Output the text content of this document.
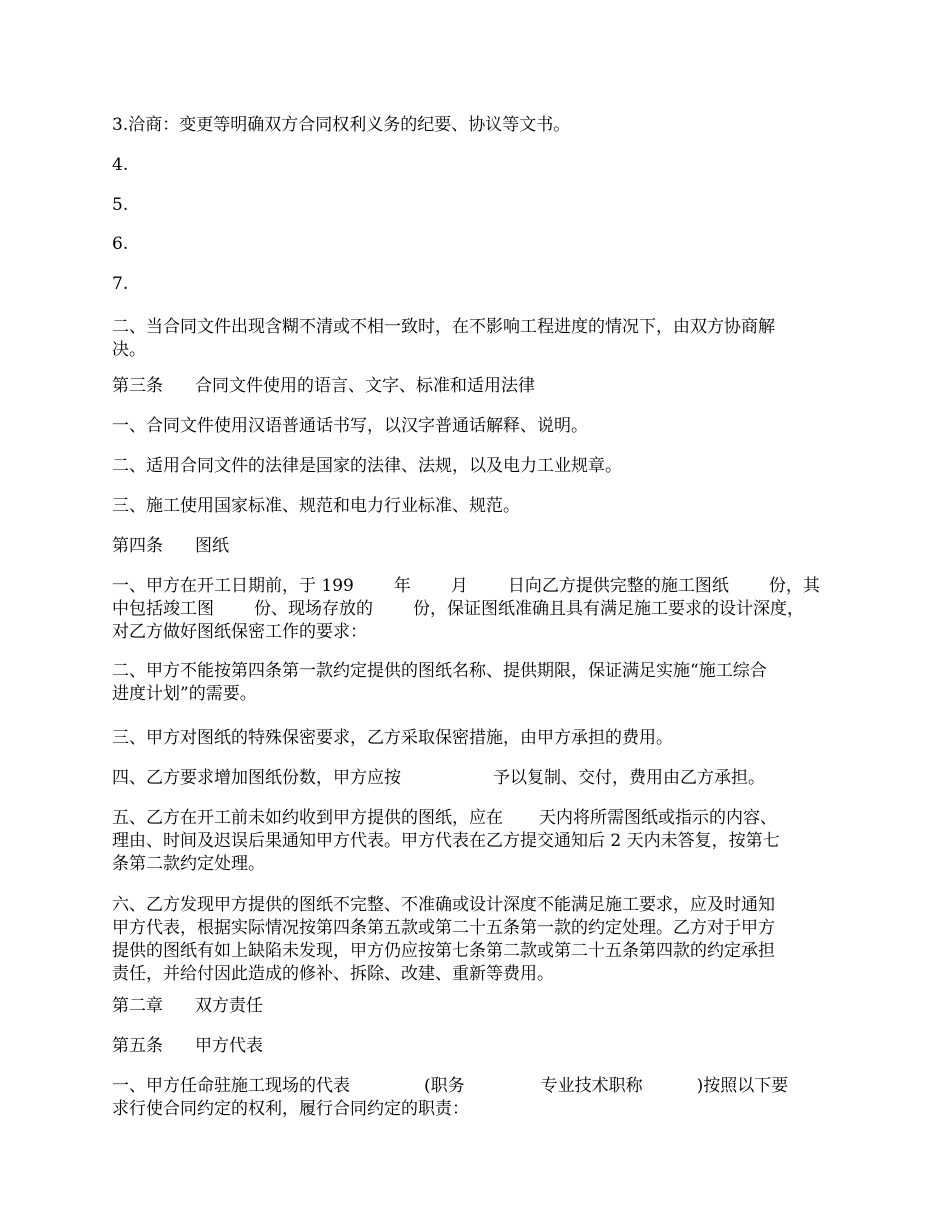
3.洽商：变更等明确双方合同权利义务的纪要、协议等文书。

4.

5.

6.

7.

二、当合同文件出现含糊不清或不相一致时，在不影响工程进度的情况下，由双方协商解
决。

第三条 合同文件使用的语言、文字、标准和适用法律

一、合同文件使用汉语普通话书写，以汉字普通话解释、说明。

二、适用合同文件的法律是国家的法律、法规，以及电力工业规章。

三、施工使用国家标准、规范和电力行业标准、规范。

第四条 图纸

一、甲方在开工日期前，于 199 年 月 日向乙方提供完整的施工图纸 份，其
中包括竣工图 份、现场存放的 份，保证图纸准确且具有满足施工要求的设计深度，
对乙方做好图纸保密工作的要求：

二、甲方不能按第四条第一款约定提供的图纸名称、提供期限，保证满足实施“施工综合
进度计划”的需要。

三、甲方对图纸的特殊保密要求，乙方采取保密措施，由甲方承担的费用。

四、乙方要求增加图纸份数，甲方应按	予以复制、交付，费用由乙方承担。

五、乙方在开工前未如约收到甲方提供的图纸，应在 天内将所需图纸或指示的内容、
理由、时间及迟误后果通知甲方代表。甲方代表在乙方提交通知后 2 天内未答复，按第七
条第二款约定处理。

六、乙方发现甲方提供的图纸不完整、不准确或设计深度不能满足施工要求，应及时通知
甲方代表，根据实际情况按第四条第五款或第二十五条第一款的约定处理。乙方对于甲方
提供的图纸有如上缺陷未发现，甲方仍应按第七条第二款或第二十五条第四款的约定承担
责任，并给付因此造成的修补、拆除、改建、重新等费用。

第二章 双方责任

第五条 甲方代表

一、甲方任命驻施工现场的代表	(职务	专业技术职称	)按照以下要
求行使合同约定的权利，履行合同约定的职责：
